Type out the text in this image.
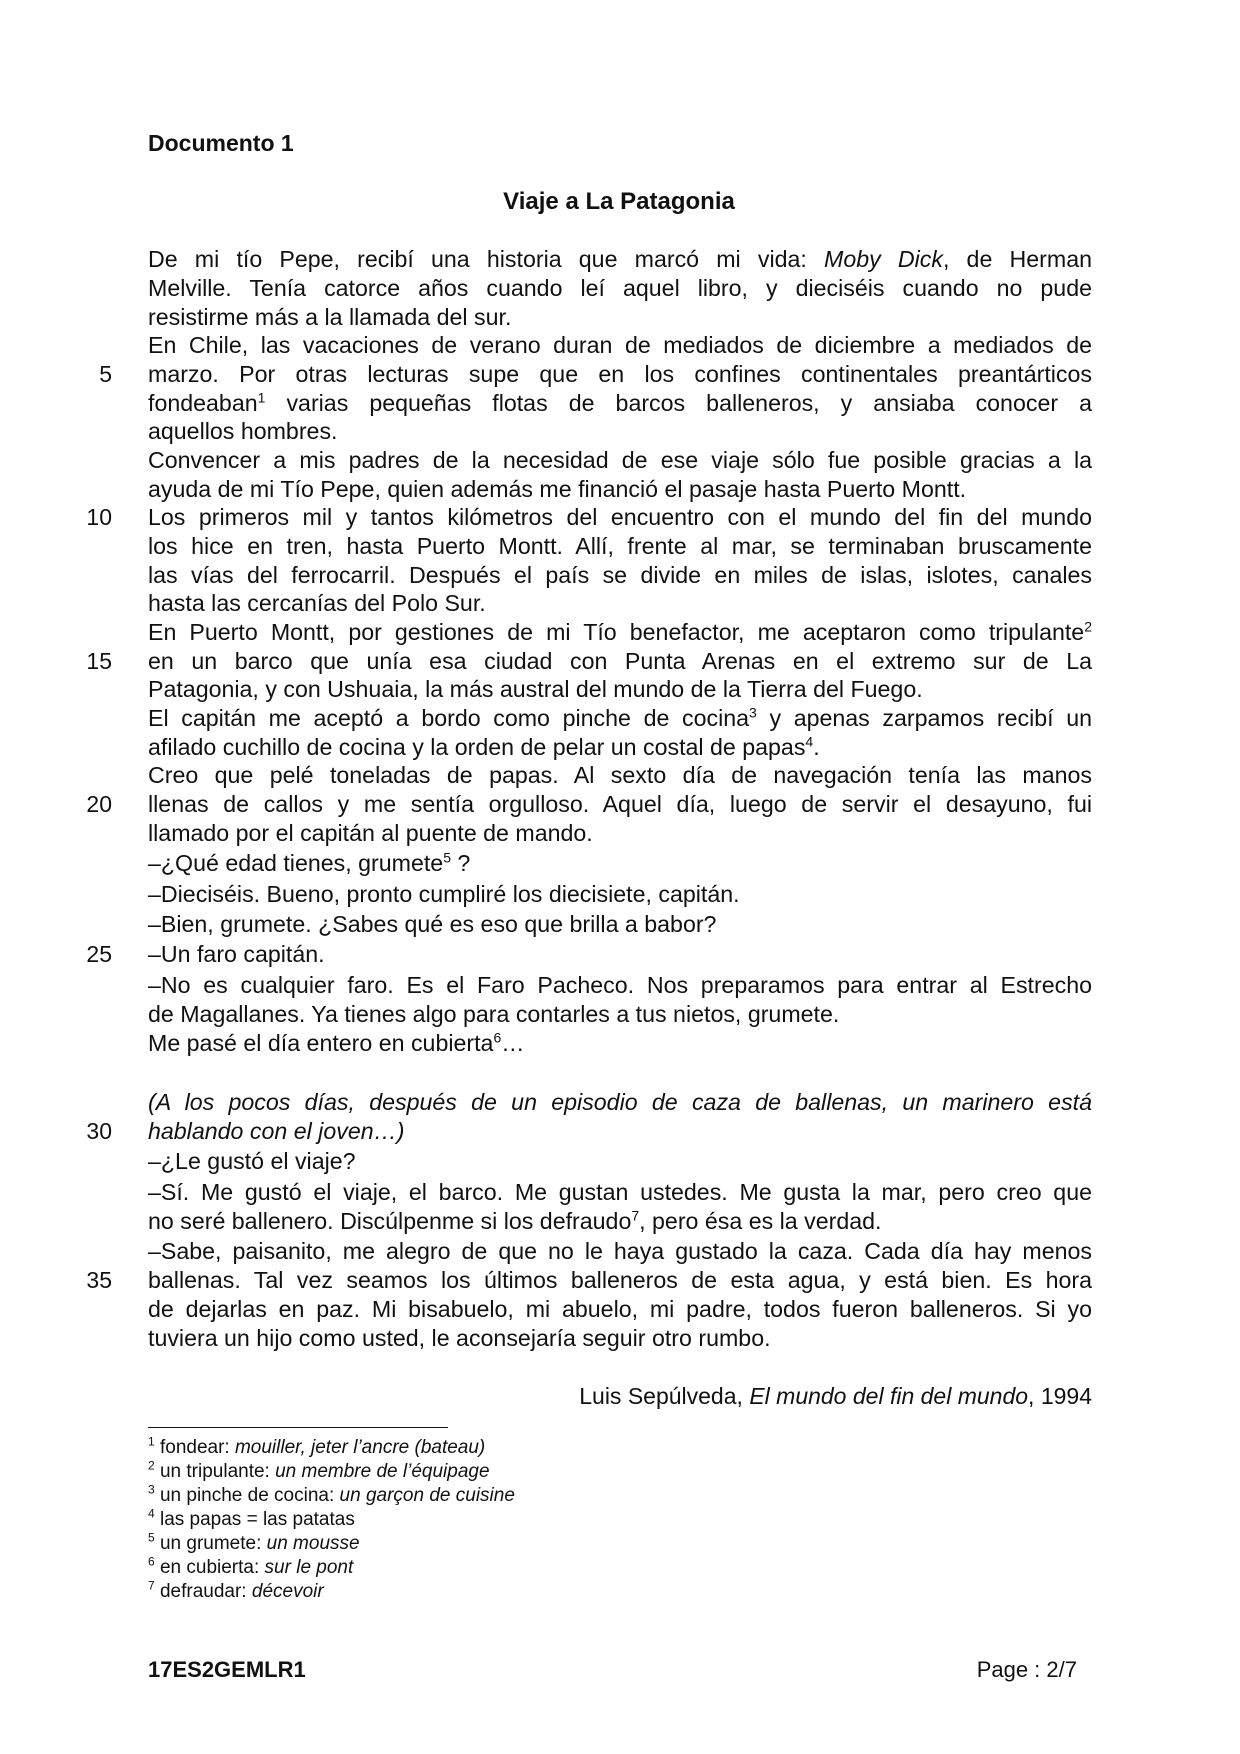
Documento 1
Viaje a La Patagonia
De mi tío Pepe, recibí una historia que marcó mi vida: Moby Dick, de Herman
Melville. Tenía catorce años cuando leí aquel libro, y dieciséis cuando no pude
resistirme más a la llamada del sur.
En Chile, las vacaciones de verano duran de mediados de diciembre a mediados de
marzo. Por otras lecturas supe que en los confines continentales preantárticos
fondeaban$^1$ varias pequeñas flotas de barcos balleneros, y ansiaba conocer a
aquellos hombres.
Convencer a mis padres de la necesidad de ese viaje sólo fue posible gracias a la
ayuda de mi Tío Pepe, quien además me financió el pasaje hasta Puerto Montt.
Los primeros mil y tantos kilómetros del encuentro con el mundo del fin del mundo
los hice en tren, hasta Puerto Montt. Allí, frente al mar, se terminaban bruscamente
las vías del ferrocarril. Después el país se divide en miles de islas, islotes, canales
hasta las cercanías del Polo Sur.
En Puerto Montt, por gestiones de mi Tío benefactor, me aceptaron como tripulante$^2$
en un barco que unía esa ciudad con Punta Arenas en el extremo sur de La
Patagonia, y con Ushuaia, la más austral del mundo de la Tierra del Fuego.
El capitán me aceptó a bordo como pinche de cocina$^3$ y apenas zarpamos recibí un
afilado cuchillo de cocina y la orden de pelar un costal de papas$^4$.
Creo que pelé toneladas de papas. Al sexto día de navegación tenía las manos
llenas de callos y me sentía orgulloso. Aquel día, luego de servir el desayuno, fui
llamado por el capitán al puente de mando.
–¿Qué edad tienes, grumete$^5$ ?
–Dieciséis. Bueno, pronto cumpliré los diecisiete, capitán.
–Bien, grumete. ¿Sabes qué es eso que brilla a babor?
–Un faro capitán.
–No es cualquier faro. Es el Faro Pacheco. Nos preparamos para entrar al Estrecho
de Magallanes. Ya tienes algo para contarles a tus nietos, grumete.
Me pasé el día entero en cubierta$^6$…
(A los pocos días, después de un episodio de caza de ballenas, un marinero está
hablando con el joven…)
–¿Le gustó el viaje?
–Sí. Me gustó el viaje, el barco. Me gustan ustedes. Me gusta la mar, pero creo que
no seré ballenero. Discúlpenme si los defraudo$^7$, pero ésa es la verdad.
–Sabe, paisanito, me alegro de que no le haya gustado la caza. Cada día hay menos
ballenas. Tal vez seamos los últimos balleneros de esta agua, y está bien. Es hora
de dejarlas en paz. Mi bisabuelo, mi abuelo, mi padre, todos fueron balleneros. Si yo
tuviera un hijo como usted, le aconsejaría seguir otro rumbo.
5
10
15
20
25
30
35
Luis Sepúlveda, El mundo del fin del mundo, 1994
$^1$ fondear: mouiller, jeter l’ancre (bateau)
$^2$ un tripulante: un membre de l’équipage
$^3$ un pinche de cocina: un garçon de cuisine
$^4$ las papas = las patatas
$^5$ un grumete: un mousse
$^6$ en cubierta: sur le pont
$^7$ defraudar: décevoir
17ES2GEMLR1	Page : 2/7
